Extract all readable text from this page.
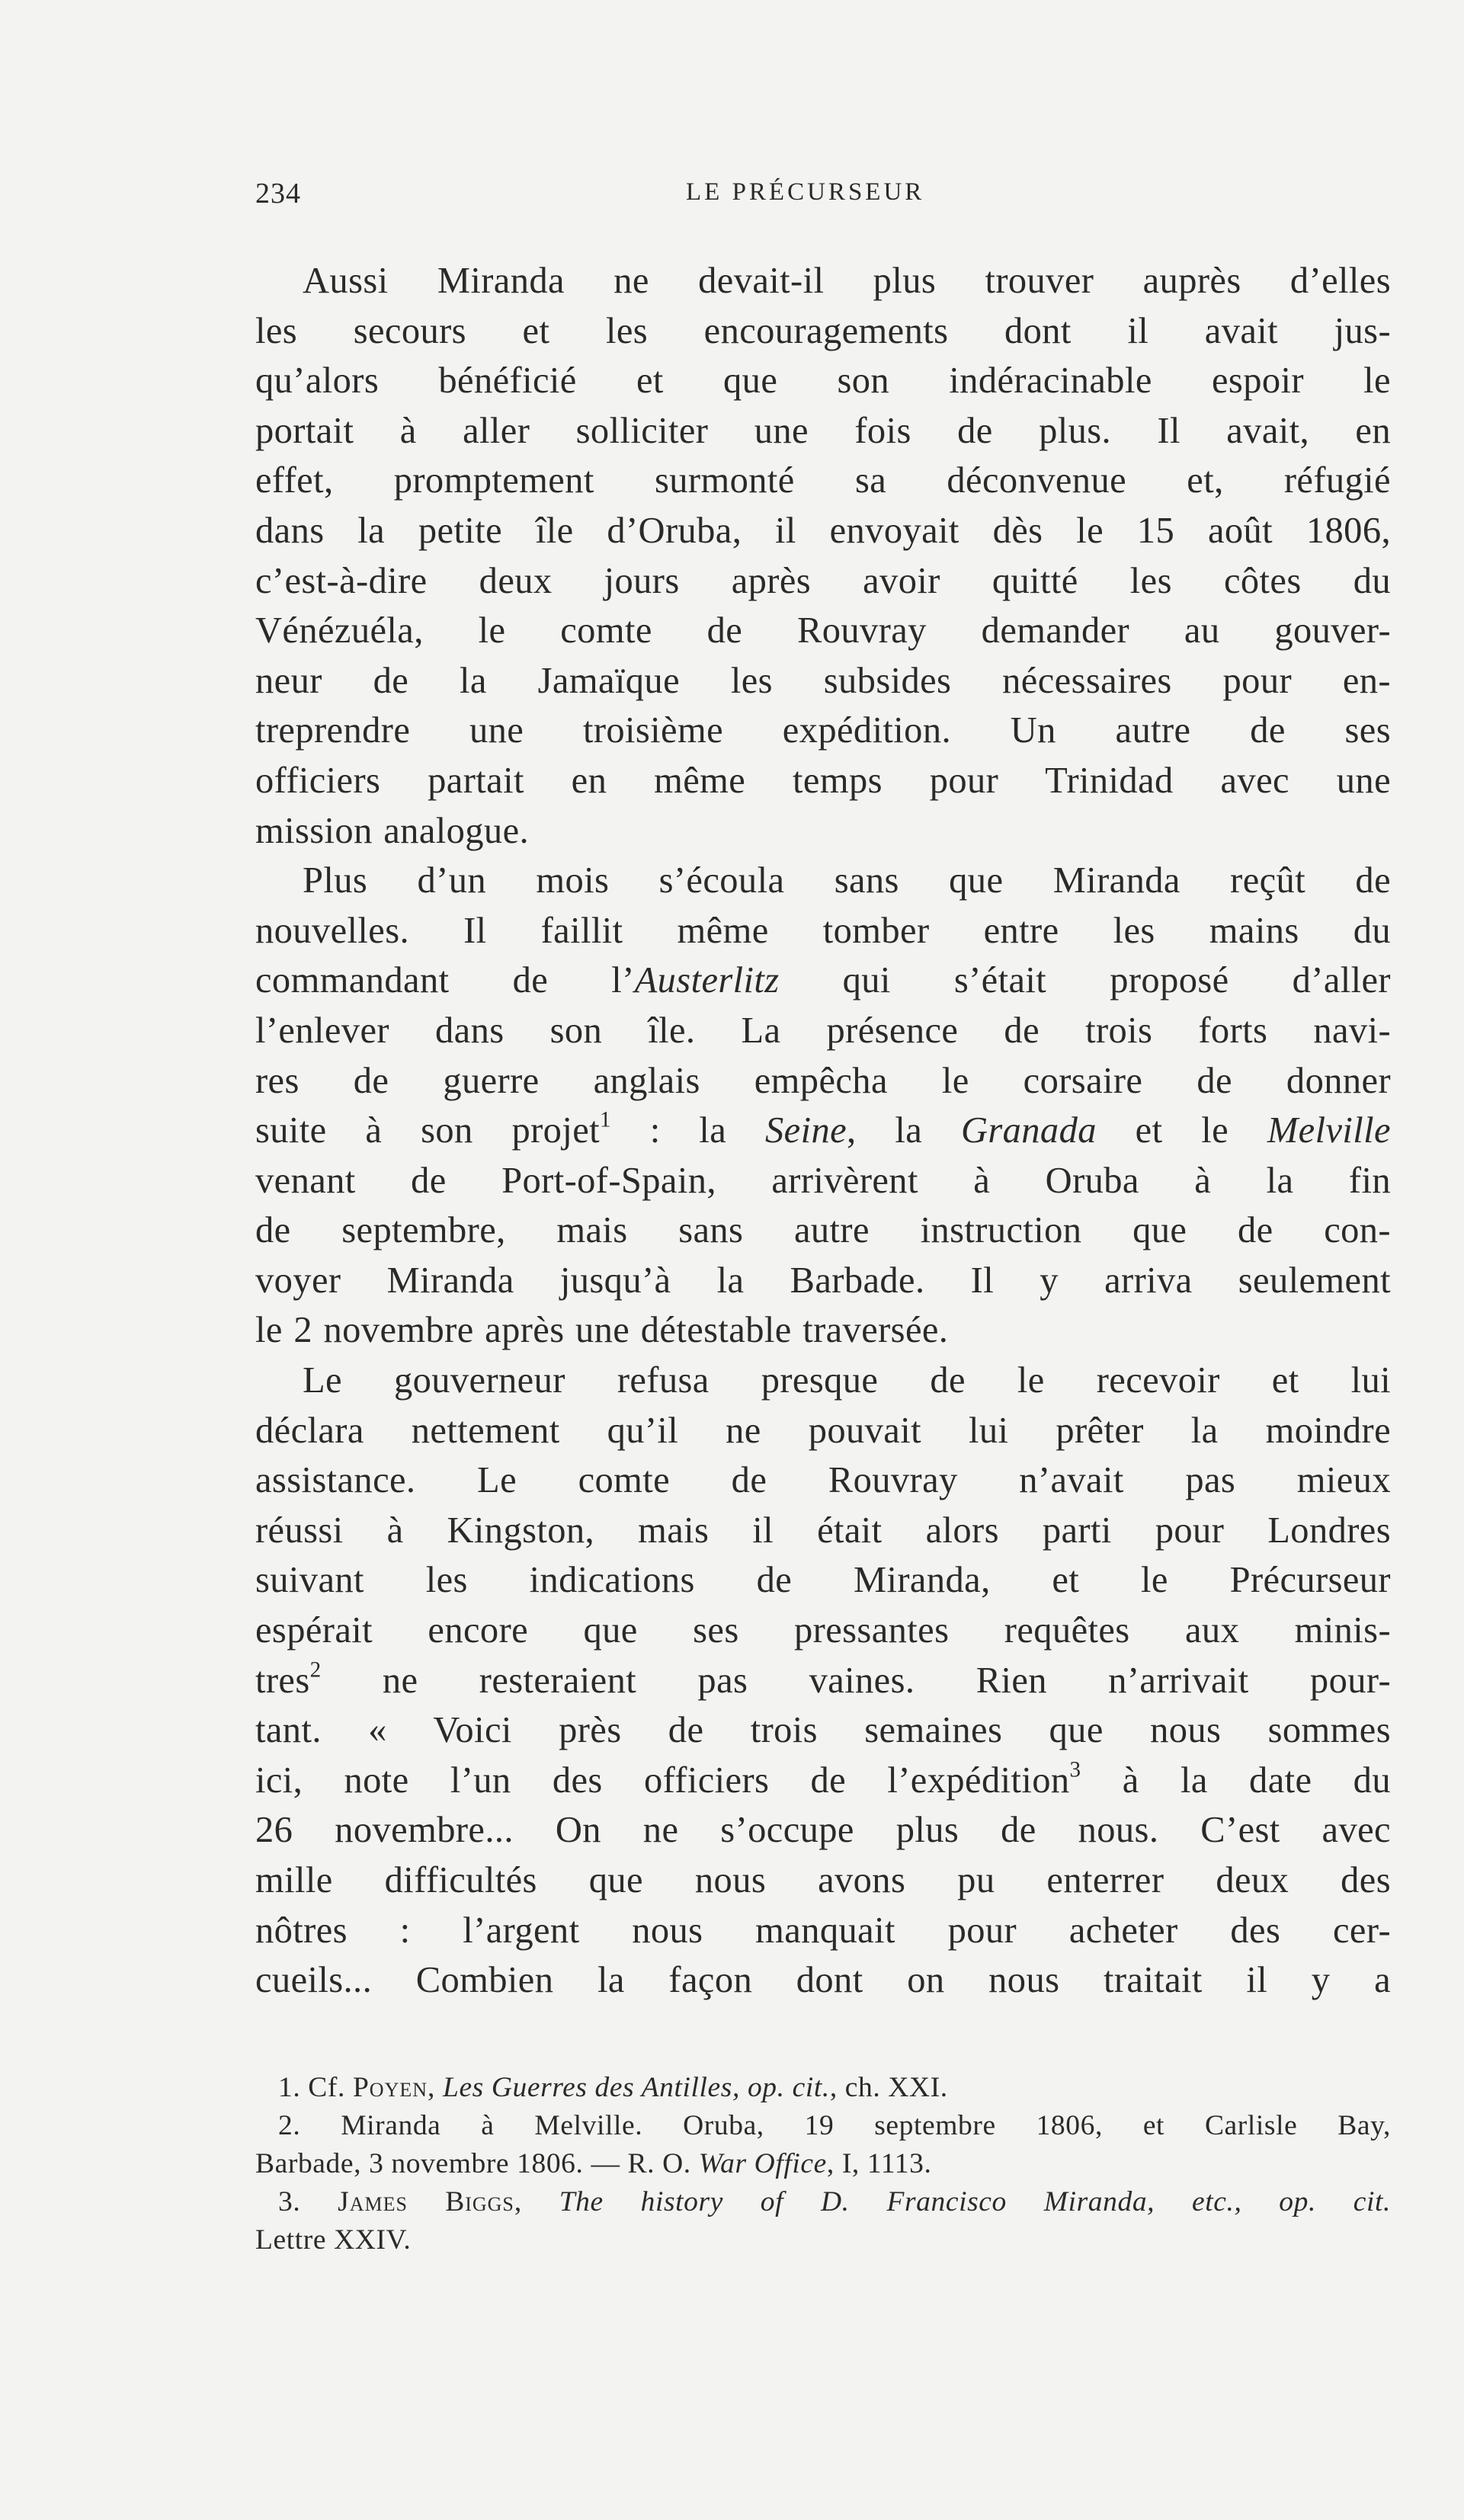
234	LE PRÉCURSEUR
Aussi Miranda ne devait-il plus trouver auprès d’elles
les secours et les encouragements dont il avait jus-
qu’alors bénéficié et que son indéracinable espoir le
portait à aller solliciter une fois de plus. Il avait, en
effet, promptement surmonté sa déconvenue et, réfugié
dans la petite île d’Oruba, il envoyait dès le 15 août 1806,
c’est-à-dire deux jours après avoir quitté les côtes du
Vénézuéla, le comte de Rouvray demander au gouver-
neur de la Jamaïque les subsides nécessaires pour en-
treprendre une troisième expédition. Un autre de ses
officiers partait en même temps pour Trinidad avec une
mission analogue.
Plus d’un mois s’écoula sans que Miranda reçût de
nouvelles. Il faillit même tomber entre les mains du
commandant de l’Austerlitz qui s’était proposé d’aller
l’enlever dans son île. La présence de trois forts navi-
res de guerre anglais empêcha le corsaire de donner
suite à son projet$^1$ : la Seine, la Granada et le Melville
venant de Port-of-Spain, arrivèrent à Oruba à la fin
de septembre, mais sans autre instruction que de con-
voyer Miranda jusqu’à la Barbade. Il y arriva seulement
le 2 novembre après une détestable traversée.
Le gouverneur refusa presque de le recevoir et lui
déclara nettement qu’il ne pouvait lui prêter la moindre
assistance. Le comte de Rouvray n’avait pas mieux
réussi à Kingston, mais il était alors parti pour Londres
suivant les indications de Miranda, et le Précurseur
espérait encore que ses pressantes requêtes aux minis-
tres$^2$ ne resteraient pas vaines. Rien n’arrivait pour-
tant. « Voici près de trois semaines que nous sommes
ici, note l’un des officiers de l’expédition$^3$ à la date du
26 novembre... On ne s’occupe plus de nous. C’est avec
mille difficultés que nous avons pu enterrer deux des
nôtres : l’argent nous manquait pour acheter des cer-
cueils... Combien la façon dont on nous traitait il y a
1. Cf. Poyen, Les Guerres des Antilles, op. cit., ch. XXI.
2. Miranda à Melville. Oruba, 19 septembre 1806, et Carlisle Bay,
Barbade, 3 novembre 1806. — R. O. War Office, I, 1113.
3. James Biggs, The history of D. Francisco Miranda, etc., op. cit.
Lettre XXIV.
